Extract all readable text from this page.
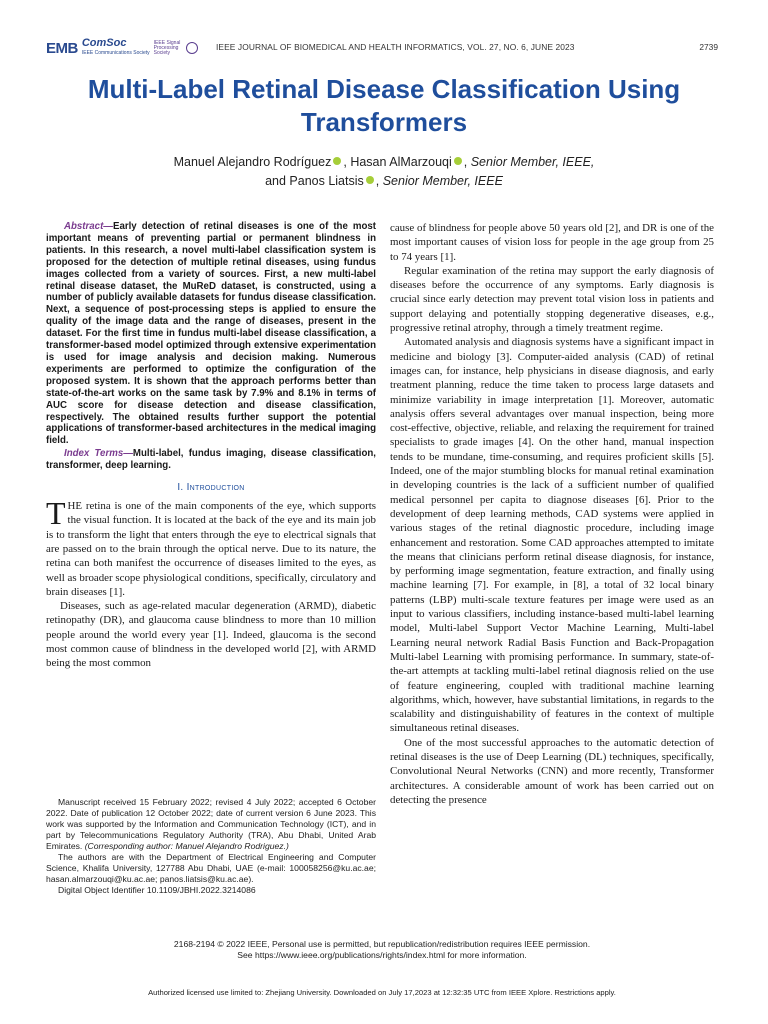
EMB ComSoc
IEEE Communications Society
IEEE Signal Processing Society
IEEE JOURNAL OF BIOMEDICAL AND HEALTH INFORMATICS, VOL. 27, NO. 6, JUNE 2023	2739
Multi-Label Retinal Disease Classification Using Transformers
Manuel Alejandro Rodríguez , Hasan AlMarzouqi , Senior Member, IEEE,
and Panos Liatsis , Senior Member, IEEE

Abstract—Early detection of retinal diseases is one of the most important means of preventing partial or permanent blindness in patients. In this research, a novel multi-label classification system is proposed for the detection of multiple retinal diseases, using fundus images collected from a variety of sources. First, a new multi-label retinal disease dataset, the MuReD dataset, is constructed, using a number of publicly available datasets for fundus disease classification. Next, a sequence of post-processing steps is applied to ensure the quality of the image data and the range of diseases, present in the dataset. For the first time in fundus multi-label disease classification, a transformer-based model optimized through extensive experimentation is used for image analysis and decision making. Numerous experiments are performed to optimize the configuration of the proposed system. It is shown that the approach performs better than state-of-the-art works on the same task by 7.9% and 8.1% in terms of AUC score for disease detection and disease classification, respectively. The obtained results further support the potential applications of transformer-based architectures in the medical imaging field.

Index Terms—Multi-label, fundus imaging, disease classification, transformer, deep learning.

I. Introduction

THE retina is one of the main components of the eye, which supports the visual function. It is located at the back of the eye and its main job is to transform the light that enters through the eye to electrical signals that are passed on to the brain through the optical nerve. Due to its nature, the retina can both manifest the occurrence of diseases limited to the eyes, as well as broader scope physiological conditions, specifically, circulatory and brain diseases [1].

Diseases, such as age-related macular degeneration (ARMD), diabetic retinopathy (DR), and glaucoma cause blindness to more than 10 million people around the world every year [1]. Indeed, glaucoma is the second most common cause of blindness in the developed world [2], with ARMD being the most common

cause of blindness for people above 50 years old [2], and DR is one of the most important causes of vision loss for people in the age group from 25 to 74 years [1].

Regular examination of the retina may support the early diagnosis of diseases before the occurrence of any symptoms. Early diagnosis is crucial since early detection may prevent total vision loss in patients and support delaying and potentially stopping degenerative diseases, e.g., progressive retinal atrophy, through a timely treatment regime.

Automated analysis and diagnosis systems have a significant impact in medicine and biology [3]. Computer-aided analysis (CAD) of retinal images can, for instance, help physicians in disease diagnosis, and early treatment planning, reduce the time taken to process large datasets and minimize variability in image interpretation [1]. Moreover, automatic analysis offers several advantages over manual inspection, being more cost-effective, objective, reliable, and relaxing the requirement for trained specialists to grade images [4]. On the other hand, manual inspection tends to be mundane, time-consuming, and requires proficient skills [5]. Indeed, one of the major stumbling blocks for manual retinal examination in developing countries is the lack of a sufficient number of qualified medical personnel per capita to diagnose diseases [6]. Prior to the development of deep learning methods, CAD systems were applied in various stages of the retinal diagnostic procedure, including image enhancement and restoration. Some CAD approaches attempted to imitate the means that clinicians perform retinal disease diagnosis, for instance, by performing image segmentation, feature extraction, and finally using machine learning [7]. For example, in [8], a total of 32 local binary patterns (LBP) multi-scale texture features per image were used as an input to various classifiers, including instance-based multi-label learning model, Multi-label Support Vector Machine Learning, Multi-label Learning neural network Radial Basis Function and Back-Propagation Multi-label Learning with promising performance. In summary, state-of-the-art attempts at tackling multi-label retinal diagnosis relied on the use of feature engineering, coupled with traditional machine learning algorithms, which, however, have substantial limitations, in regards to the scalability and distinguishability of features in the context of multiple simultaneous retinal diseases.

One of the most successful approaches to the automatic detection of retinal diseases is the use of Deep Learning (DL) techniques, specifically, Convolutional Neural Networks (CNN) and more recently, Transformer architectures. A considerable amount of work has been carried out on detecting the presence

Manuscript received 15 February 2022; revised 4 July 2022; accepted 6 October 2022. Date of publication 12 October 2022; date of current version 6 June 2023. This work was supported by the Information and Communication Technology (ICT), and in part by Telecommunications Regulatory Authority (TRA), Abu Dhabi, United Arab Emirates. (Corresponding author: Manuel Alejandro Rodriguez.)

The authors are with the Department of Electrical Engineering and Computer Science, Khalifa University, 127788 Abu Dhabi, UAE (e-mail: 100058256@ku.ac.ae; hasan.almarzouqi@ku.ac.ae; panos.liatsis@ku.ac.ae).

Digital Object Identifier 10.1109/JBHI.2022.3214086

2168-2194 © 2022 IEEE, Personal use is permitted, but republication/redistribution requires IEEE permission.
See https://www.ieee.org/publications/rights/index.html for more information.
Authorized licensed use limited to: Zhejiang University. Downloaded on July 17,2023 at 12:32:35 UTC from IEEE Xplore. Restrictions apply.
